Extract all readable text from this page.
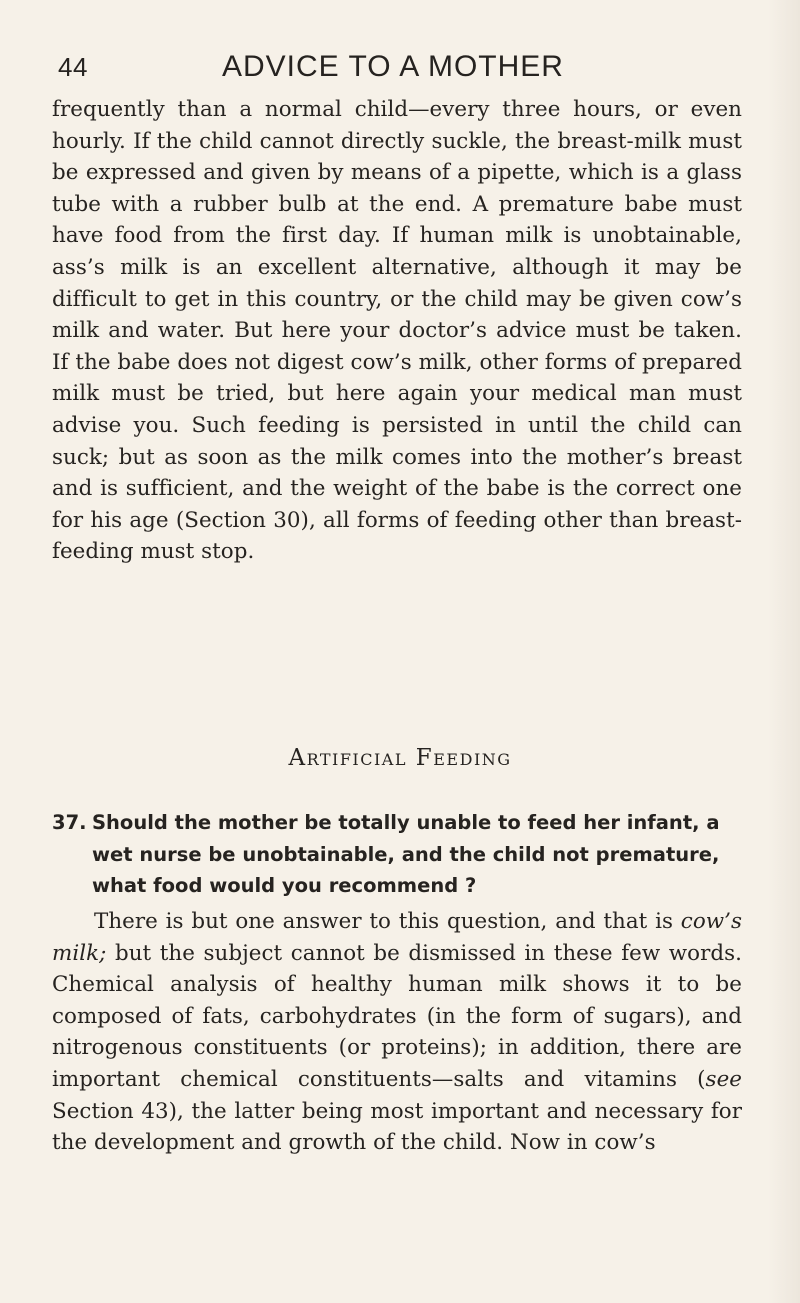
44	ADVICE TO A MOTHER

frequently than a normal child—every three hours, or even hourly. If the child cannot directly suckle, the breast-milk must be expressed and given by means of a pipette, which is a glass tube with a rubber bulb at the end. A premature babe must have food from the first day. If human milk is unobtainable, ass’s milk is an excellent alternative, although it may be difficult to get in this country, or the child may be given cow’s milk and water. But here your doctor’s advice must be taken. If the babe does not digest cow’s milk, other forms of prepared milk must be tried, but here again your medical man must advise you. Such feeding is persisted in until the child can suck; but as soon as the milk comes into the mother’s breast and is sufficient, and the weight of the babe is the correct one for his age (Section 30), all forms of feeding other than breast-feeding must stop.

Artificial Feeding
37. Should the mother be totally unable to feed her infant, a wet nurse be unobtainable, and the child not premature, what food would you recommend ?

There is but one answer to this question, and that is cow’s milk; but the subject cannot be dismissed in these few words. Chemical analysis of healthy human milk shows it to be composed of fats, carbohydrates (in the form of sugars), and nitrogenous constituents (or proteins); in addition, there are important chemical constituents—salts and vitamins (see Section 43), the latter being most important and necessary for the development and growth of the child. Now in cow’s
